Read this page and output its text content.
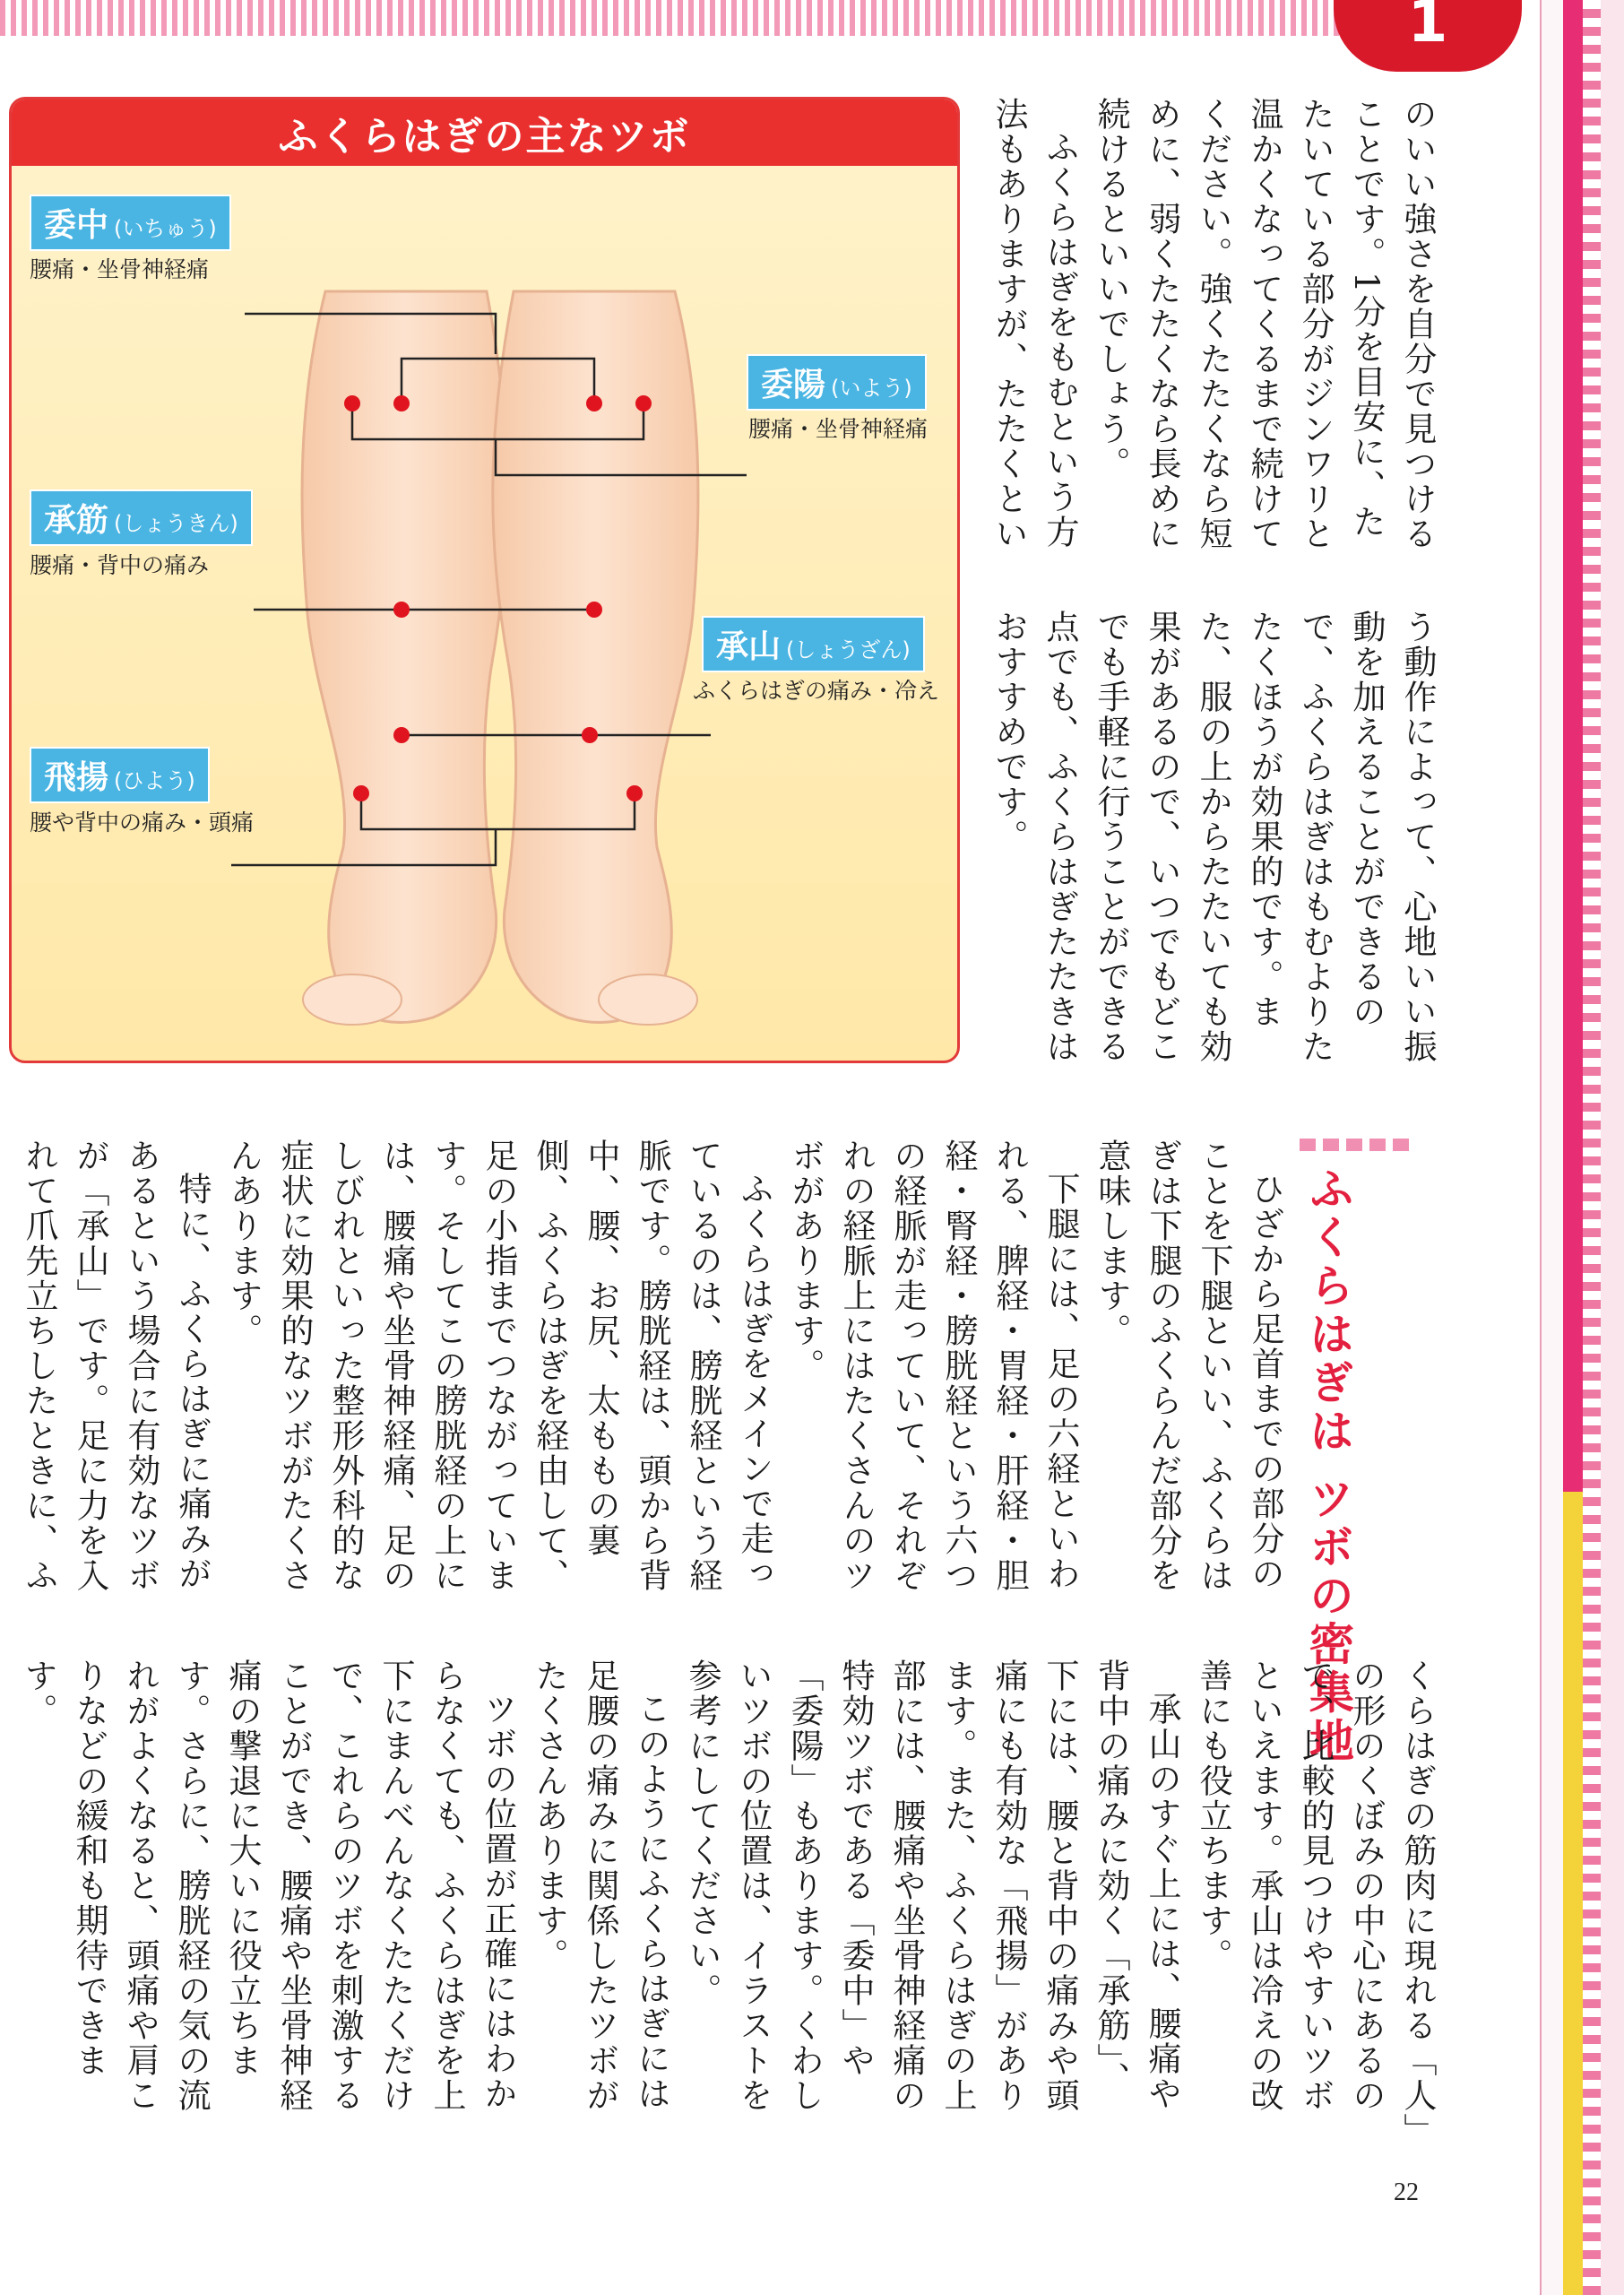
1

のいい強さを自分で見つける

ことです。1分を目安に、た

たいている部分がジンワリと

温かくなってくるまで続けて

ください。強くたたくなら短

めに、弱くたたくなら長めに

続けるといいでしょう。

ふくらはぎをもむという方

法もありますが、たたくとい

う動作によって、心地いい振

動を加えることができるの

で、ふくらはぎはもむよりた

たくほうが効果的です。ま

た、服の上からたたいても効

果があるので、いつでもどこ

でも手軽に行うことができる

点でも、ふくらはぎたたきは

おすすめです。

ふくらはぎの主なツボ
委中 (いちゅう)
腰痛・坐骨神経痛
委陽 (いよう)
腰痛・坐骨神経痛
承筋 (しょうきん)
腰痛・背中の痛み
承山 (しょうざん)
ふくらはぎの痛み・冷え
飛揚 (ひよう)
腰や背中の痛み・頭痛
ふくらはぎは ツボの密集地

ひざから足首までの部分の

ことを下腿といい、ふくらは

ぎは下腿のふくらんだ部分を

意味します。

下腿には、足の六経といわ

れる、脾経・胃経・肝経・胆

経・腎経・膀胱経という六つ

の経脈が走っていて、それぞ

れの経脈上にはたくさんのツ

ボがあります。

ふくらはぎをメインで走っ

ているのは、膀胱経という経

脈です。膀胱経は、頭から背

中、腰、お尻、太ももの裏

側、ふくらはぎを経由して、

足の小指までつながっていま

す。そしてこの膀胱経の上に

は、腰痛や坐骨神経痛、足の

しびれといった整形外科的な

症状に効果的なツボがたくさ

んあります。

特に、ふくらはぎに痛みが

あるという場合に有効なツボ

が「承山」です。足に力を入

れて爪先立ちしたときに、ふ

くらはぎの筋肉に現れる「人」

の形のくぼみの中心にあるの

で、比較的見つけやすいツボ

といえます。承山は冷えの改

善にも役立ちます。

承山のすぐ上には、腰痛や

背中の痛みに効く「承筋」、

下には、腰と背中の痛みや頭

痛にも有効な「飛揚」があり

ます。また、ふくらはぎの上

部には、腰痛や坐骨神経痛の

特効ツボである「委中」や

「委陽」もあります。くわし

いツボの位置は、イラストを

参考にしてください。

このようにふくらはぎには

足腰の痛みに関係したツボが

たくさんあります。

ツボの位置が正確にはわか

らなくても、ふくらはぎを上

下にまんべんなくたたくだけ

で、これらのツボを刺激する

ことができ、腰痛や坐骨神経

痛の撃退に大いに役立ちま

す。さらに、膀胱経の気の流

れがよくなると、頭痛や肩こ

りなどの緩和も期待できま

す。

22
